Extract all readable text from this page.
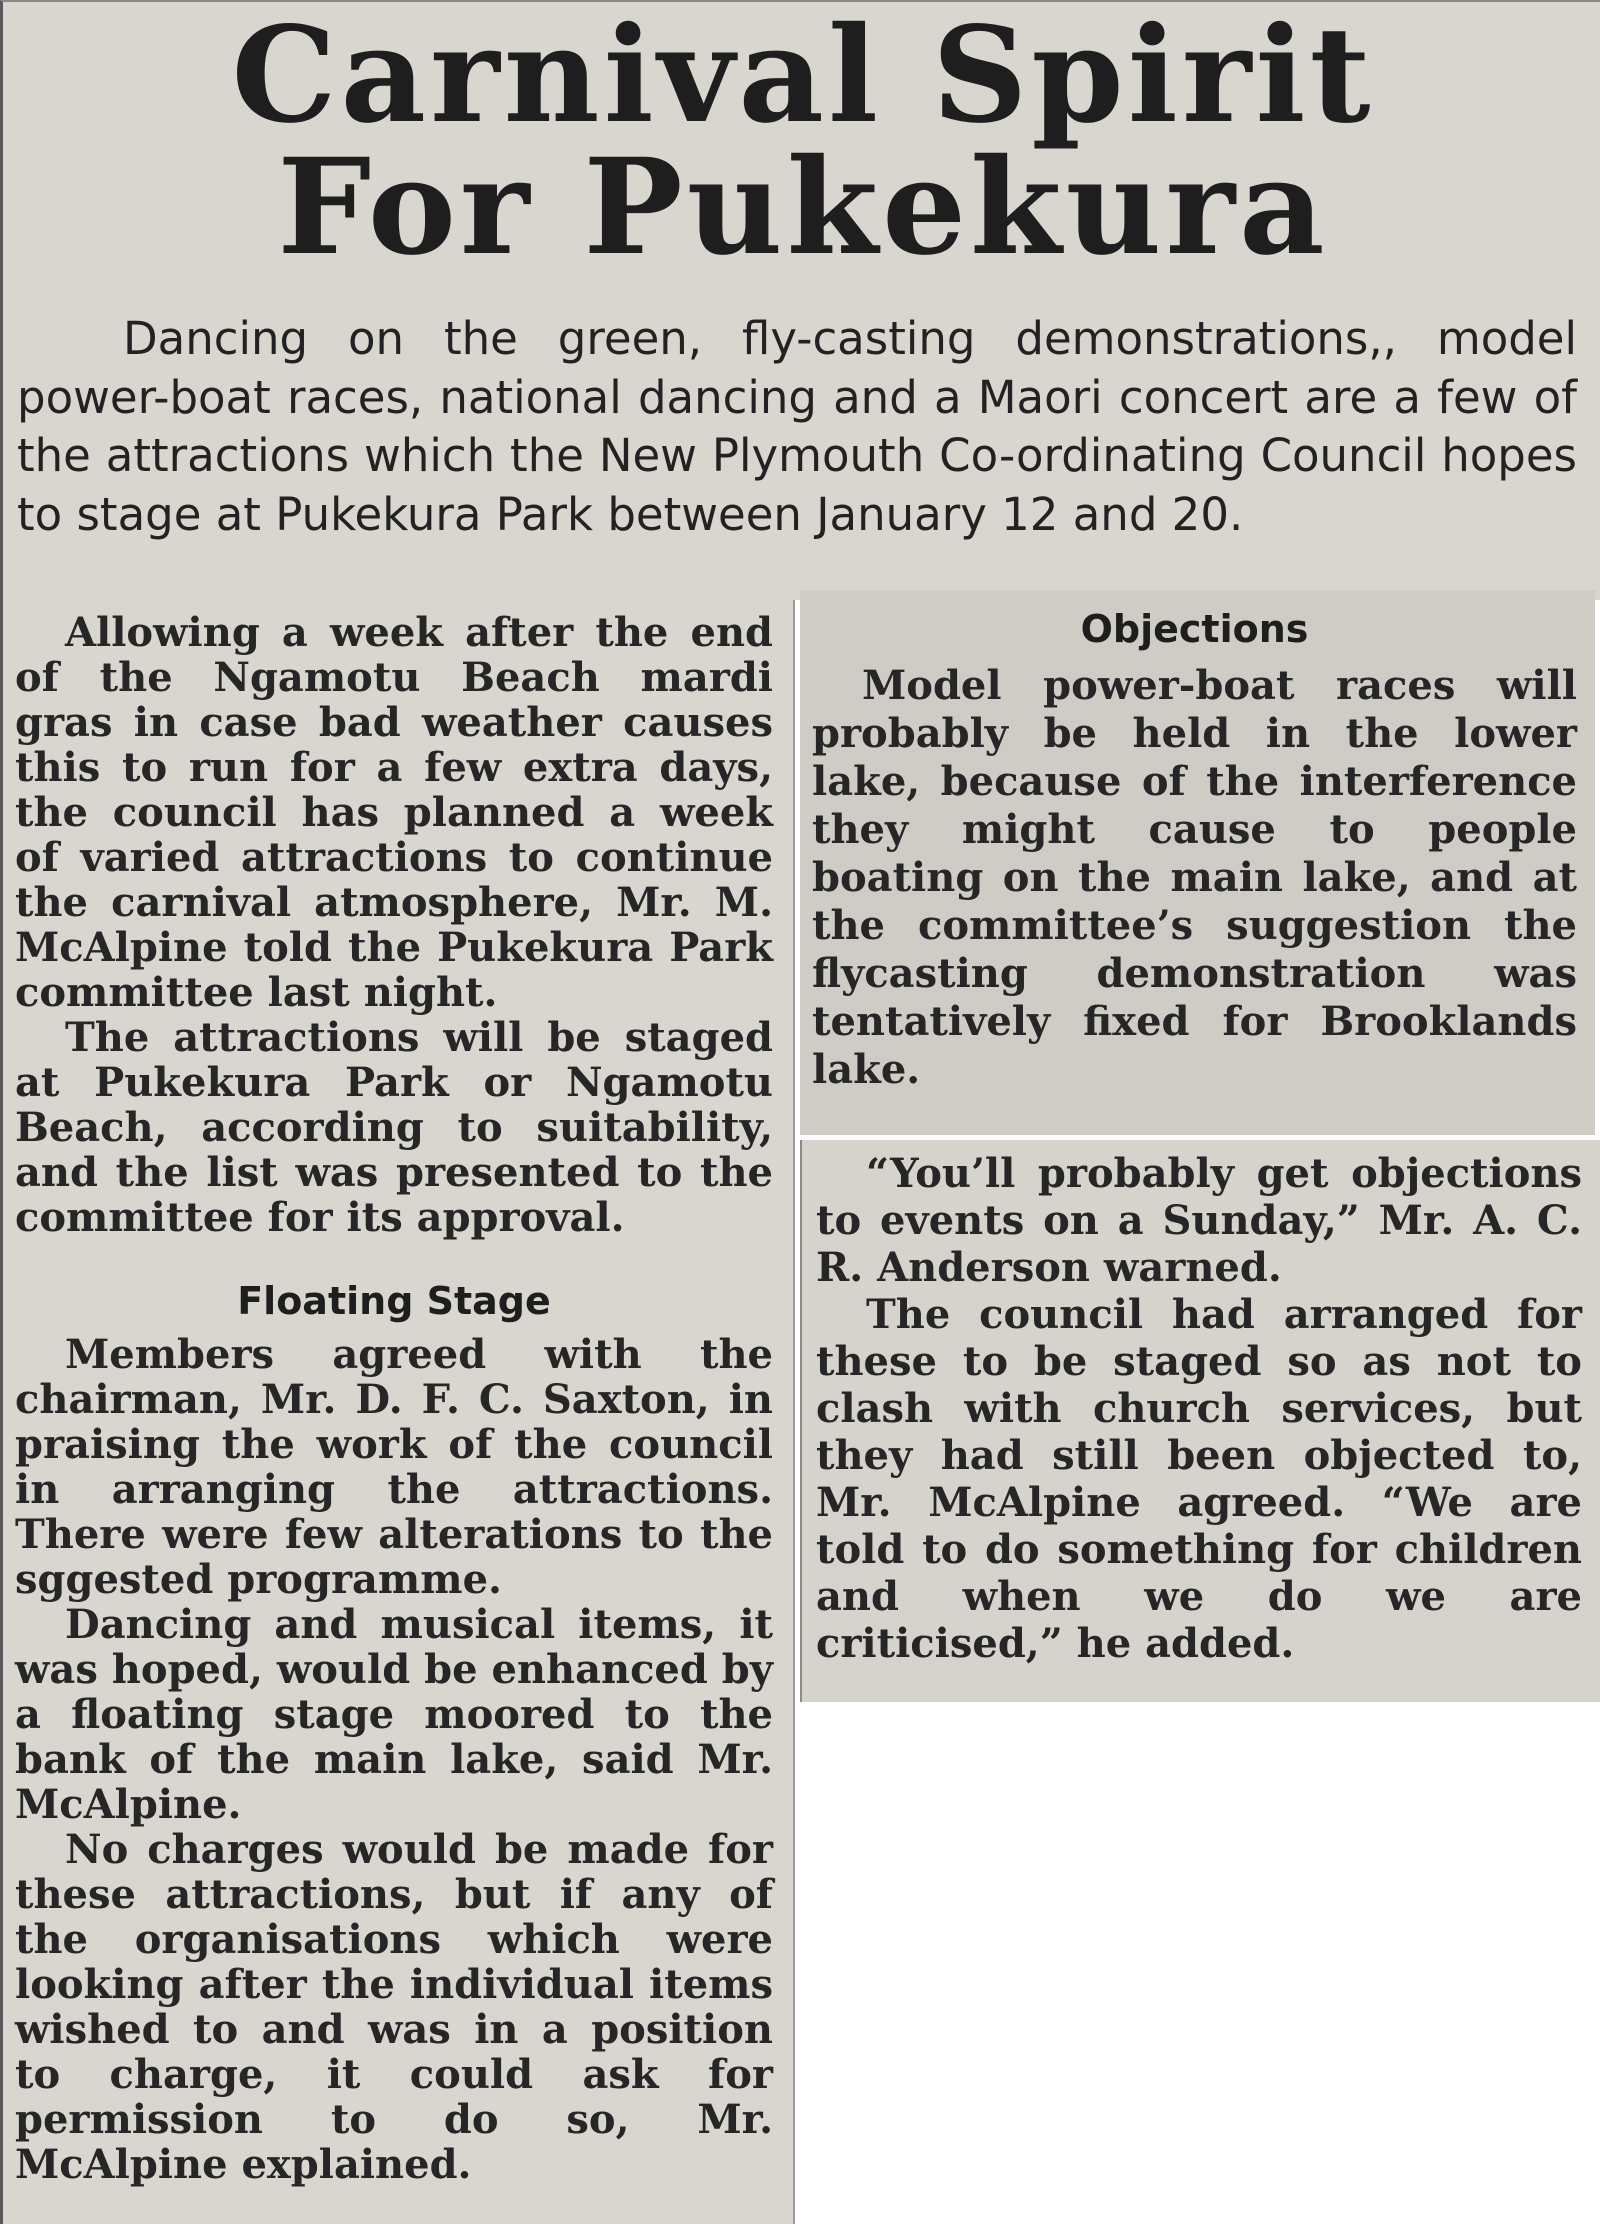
Carnival Spirit
For Pukekura

Dancing on the green, fly-casting demonstrations,, model power-boat races, national dancing and a Maori concert are a few of the attractions which the New Plymouth Co-ordinating Council hopes to stage at Pukekura Park between January 12 and 20.

Allowing a week after the end of the Ngamotu Beach mardi gras in case bad weather causes this to run for a few extra days, the council has planned a week of varied attractions to continue the carnival atmosphere, Mr. M. McAlpine told the Pukekura Park committee last night.

The attractions will be staged at Pukekura Park or Ngamotu Beach, according to suitability, and the list was presented to the committee for its approval.

Floating Stage

Members agreed with the chairman, Mr. D. F. C. Saxton, in praising the work of the council in arranging the attractions. There were few alterations to the sggested programme.

Dancing and musical items, it was hoped, would be enhanced by a floating stage moored to the bank of the main lake, said Mr. McAlpine.

No charges would be made for these attractions, but if any of the organisations which were looking after the individual items wished to and was in a position to charge, it could ask for permission to do so, Mr. McAlpine explained.

Objections

Model power-boat races will probably be held in the lower lake, because of the interference they might cause to people boating on the main lake, and at the committee’s suggestion the flycasting demonstration was tentatively fixed for Brooklands lake.

“You’ll probably get objections to events on a Sunday,” Mr. A. C. R. Anderson warned.

The council had arranged for these to be staged so as not to clash with church services, but they had still been objected to, Mr. McAlpine agreed. “We are told to do something for children and when we do we are criticised,” he added.
